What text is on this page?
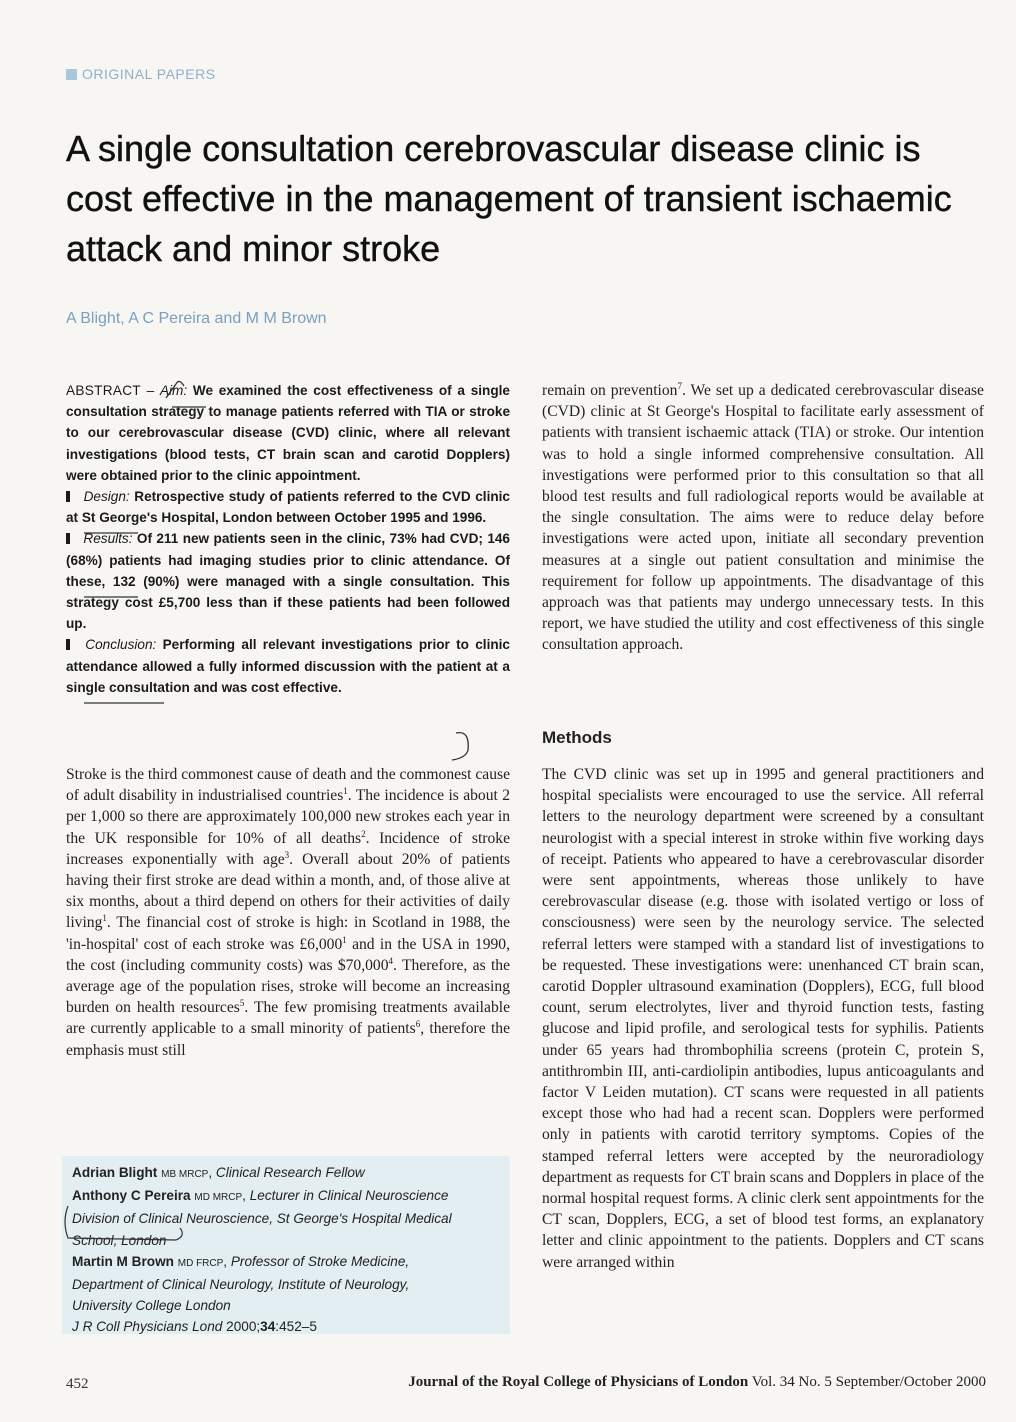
ORIGINAL PAPERS
A single consultation cerebrovascular disease clinic is cost effective in the management of transient ischaemic attack and minor stroke
A Blight, A C Pereira and M M Brown

ABSTRACT – Aim: We examined the cost effectiveness of a single consultation strategy to manage patients referred with TIA or stroke to our cerebrovascular disease (CVD) clinic, where all relevant investigations (blood tests, CT brain scan and carotid Dopplers) were obtained prior to the clinic appointment.

Design: Retrospective study of patients referred to the CVD clinic at St George's Hospital, London between October 1995 and 1996.

Results: Of 211 new patients seen in the clinic, 73% had CVD; 146 (68%) patients had imaging studies prior to clinic attendance. Of these, 132 (90%) were managed with a single consultation. This strategy cost £5,700 less than if these patients had been followed up.

Conclusion: Performing all relevant investigations prior to clinic attendance allowed a fully informed discussion with the patient at a single consultation and was cost effective.

Stroke is the third commonest cause of death and the commonest cause of adult disability in industrialised countries$^1$. The incidence is about 2 per 1,000 so there are approximately 100,000 new strokes each year in the UK responsible for 10% of all deaths$^2$. Incidence of stroke increases exponentially with age$^3$. Overall about 20% of patients having their first stroke are dead within a month, and, of those alive at six months, about a third depend on others for their activities of daily living$^1$. The financial cost of stroke is high: in Scotland in 1988, the 'in-hospital' cost of each stroke was £6,000$^1$ and in the USA in 1990, the cost (including community costs) was $70,000$^4$. Therefore, as the average age of the population rises, stroke will become an increasing burden on health resources$^5$. The few promising treatments available are currently applicable to a small minority of patients$^6$, therefore the emphasis must still

remain on prevention$^7$. We set up a dedicated cerebrovascular disease (CVD) clinic at St George's Hospital to facilitate early assessment of patients with transient ischaemic attack (TIA) or stroke. Our intention was to hold a single informed comprehensive consultation. All investigations were performed prior to this consultation so that all blood test results and full radiological reports would be available at the single consultation. The aims were to reduce delay before investigations were acted upon, initiate all secondary prevention measures at a single out patient consultation and minimise the requirement for follow up appointments. The disadvantage of this approach was that patients may undergo unnecessary tests. In this report, we have studied the utility and cost effectiveness of this single consultation approach.

Methods

The CVD clinic was set up in 1995 and general practitioners and hospital specialists were encouraged to use the service. All referral letters to the neurology department were screened by a consultant neurologist with a special interest in stroke within five working days of receipt. Patients who appeared to have a cerebrovascular disorder were sent appointments, whereas those unlikely to have cerebrovascular disease (e.g. those with isolated vertigo or loss of consciousness) were seen by the neurology service. The selected referral letters were stamped with a standard list of investigations to be requested. These investigations were: unenhanced CT brain scan, carotid Doppler ultrasound examination (Dopplers), ECG, full blood count, serum electrolytes, liver and thyroid function tests, fasting glucose and lipid profile, and serological tests for syphilis. Patients under 65 years had thrombophilia screens (protein C, protein S, antithrombin III, anti-cardiolipin antibodies, lupus anticoagulants and factor V Leiden mutation). CT scans were requested in all patients except those who had had a recent scan. Dopplers were performed only in patients with carotid territory symptoms. Copies of the stamped referral letters were accepted by the neuroradiology department as requests for CT brain scans and Dopplers in place of the normal hospital request forms. A clinic clerk sent appointments for the CT scan, Dopplers, ECG, a set of blood test forms, an explanatory letter and clinic appointment to the patients. Dopplers and CT scans were arranged within

Adrian Blight MB MRCP, Clinical Research Fellow
Anthony C Pereira MD MRCP, Lecturer in Clinical Neuroscience
Division of Clinical Neuroscience, St George's Hospital Medical
School, London
Martin M Brown MD FRCP, Professor of Stroke Medicine,
Department of Clinical Neurology, Institute of Neurology,
University College London
J R Coll Physicians Lond 2000;34:452–5
452	Journal of the Royal College of Physicians of London Vol. 34 No. 5 September/October 2000
